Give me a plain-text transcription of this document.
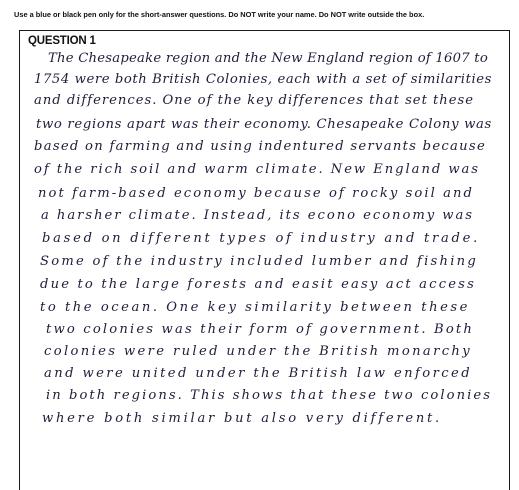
Use a blue or black pen only for the short-answer questions. Do NOT write your name. Do NOT write outside the box.
QUESTION 1
The Chesapeake region and the New England region of 1607 to
1754 were both British Colonies, each with a set of similarities
and differences. One of the key differences that set these
two regions apart was their economy. Chesapeake Colony was
based on farming and using indentured servants because
of the rich soil and warm climate. New England was
not farm-based economy because of rocky soil and
a harsher climate. Instead, its econo economy was
based on different types of industry and trade.
Some of the industry included lumber and fishing
due to the large forests and easit easy act access
to the ocean. One key similarity between these
two colonies was their form of government. Both
colonies were ruled under the British monarchy
and were united under the British law enforced
in both regions. This shows that these two colonies
where both similar but also very different.
